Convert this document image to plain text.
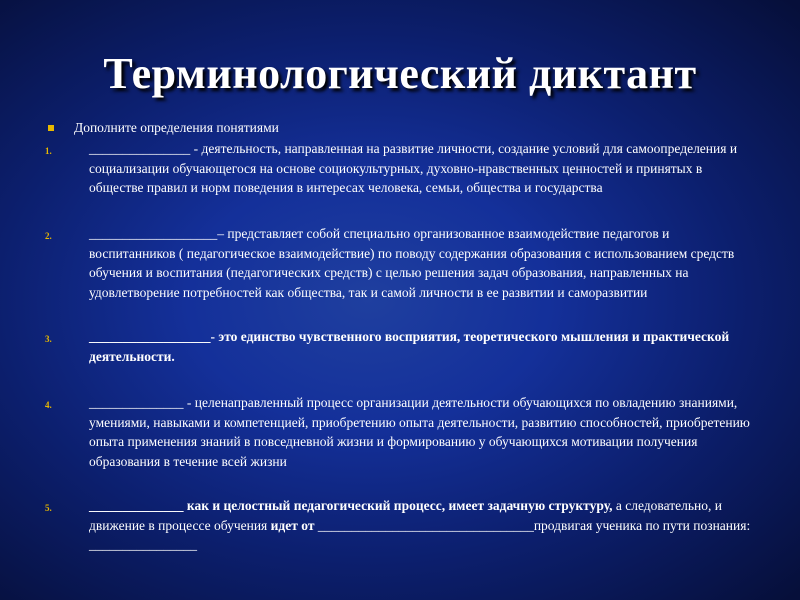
Терминологический диктант
Дополните определения понятиями
1.	_______________ - деятельность, направленная на развитие личности, создание условий для самоопределения и социализации обучающегося на основе социокультурных, духовно-нравственных ценностей и принятых в обществе правил и норм поведения в интересах человека, семьи, общества и государства
2.	___________________– представляет собой специально организованное взаимодействие педагогов и воспитанников ( педагогическое взаимодействие) по поводу содержания образования с использованием средств обучения и воспитания (педагогических средств) с целью решения задач образования, направленных на удовлетворение потребностей как общества, так и самой личности в ее развитии и саморазвитии
3.	__________________- это единство чувственного восприятия, теоретического мышления и практической деятельности.
4.	______________ - целенаправленный процесс организации деятельности обучающихся по овладению знаниями, умениями, навыками и компетенцией, приобретению опыта деятельности, развитию способностей, приобретению опыта применения знаний в повседневной жизни и формированию у обучающихся мотивации получения образования в течение всей жизни
5.	______________ как и целостный педагогический процесс, имеет задачную структуру, а следовательно, и движение в процессе обучения идет от ________________________________продвигая ученика по пути познания: ________________
